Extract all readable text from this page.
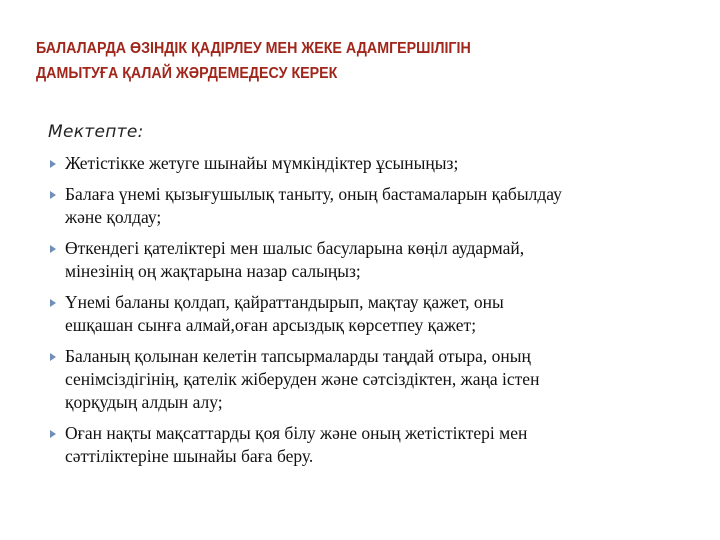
БАЛАЛАРДА ӨЗІНДІК ҚАДІРЛЕУ МЕН ЖЕКЕ АДАМГЕРШІЛІГІН
ДАМЫТУҒА ҚАЛАЙ ЖӘРДЕМЕДЕСУ КЕРЕК
Мектепте:
Жетістікке жетуге шынайы мүмкіндіктер ұсыныңыз;
Балаға үнемі қызығушылық таныту, оның бастамаларын қабылдау
және қолдау;
Өткендегі қателіктері мен шалыс басуларына көңіл аудармай,
мінезінің оң жақтарына назар салыңыз;
Үнемі баланы қолдап, қайраттандырып, мақтау қажет, оны
ешқашан сынға алмай,оған арсыздық көрсетпеу қажет;
Баланың қолынан келетін тапсырмаларды таңдай отыра, оның
сенімсіздігінің, қателік жіберуден және сәтсіздіктен, жаңа істен
қорқудың алдын алу;
Оған нақты мақсаттарды қоя білу және оның жетістіктері мен
сәттіліктеріне шынайы баға беру.
